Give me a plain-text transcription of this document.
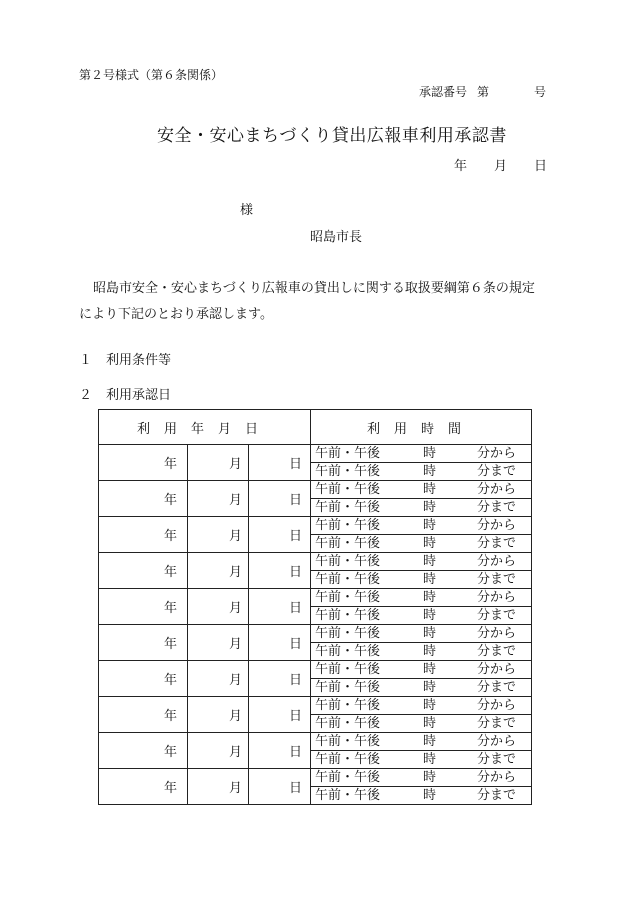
第２号様式（第６条関係）
承認番号 第	号
安全・安心まちづくり貸出広報車利用承認書
年 月 日
様
昭島市長
昭島市安全・安心まちづくり広報車の貸出しに関する取扱要綱第６条の規定
により下記のとおり承認します。
１ 利用条件等
２ 利用承認日
利用年月日			利用時間
年	月	日	午前・午後 時 分から

			午前・午後 時 分まで

年	月	日	午前・午後 時 分から

			午前・午後 時 分まで

年	月	日	午前・午後 時 分から

			午前・午後 時 分まで

年	月	日	午前・午後 時 分から

			午前・午後 時 分まで

年	月	日	午前・午後 時 分から

			午前・午後 時 分まで

年	月	日	午前・午後 時 分から

			午前・午後 時 分まで

年	月	日	午前・午後 時 分から

			午前・午後 時 分まで

年	月	日	午前・午後 時 分から

			午前・午後 時 分まで

年	月	日	午前・午後 時 分から

			午前・午後 時 分まで

年	月	日	午前・午後 時 分から

			午前・午後 時 分まで
